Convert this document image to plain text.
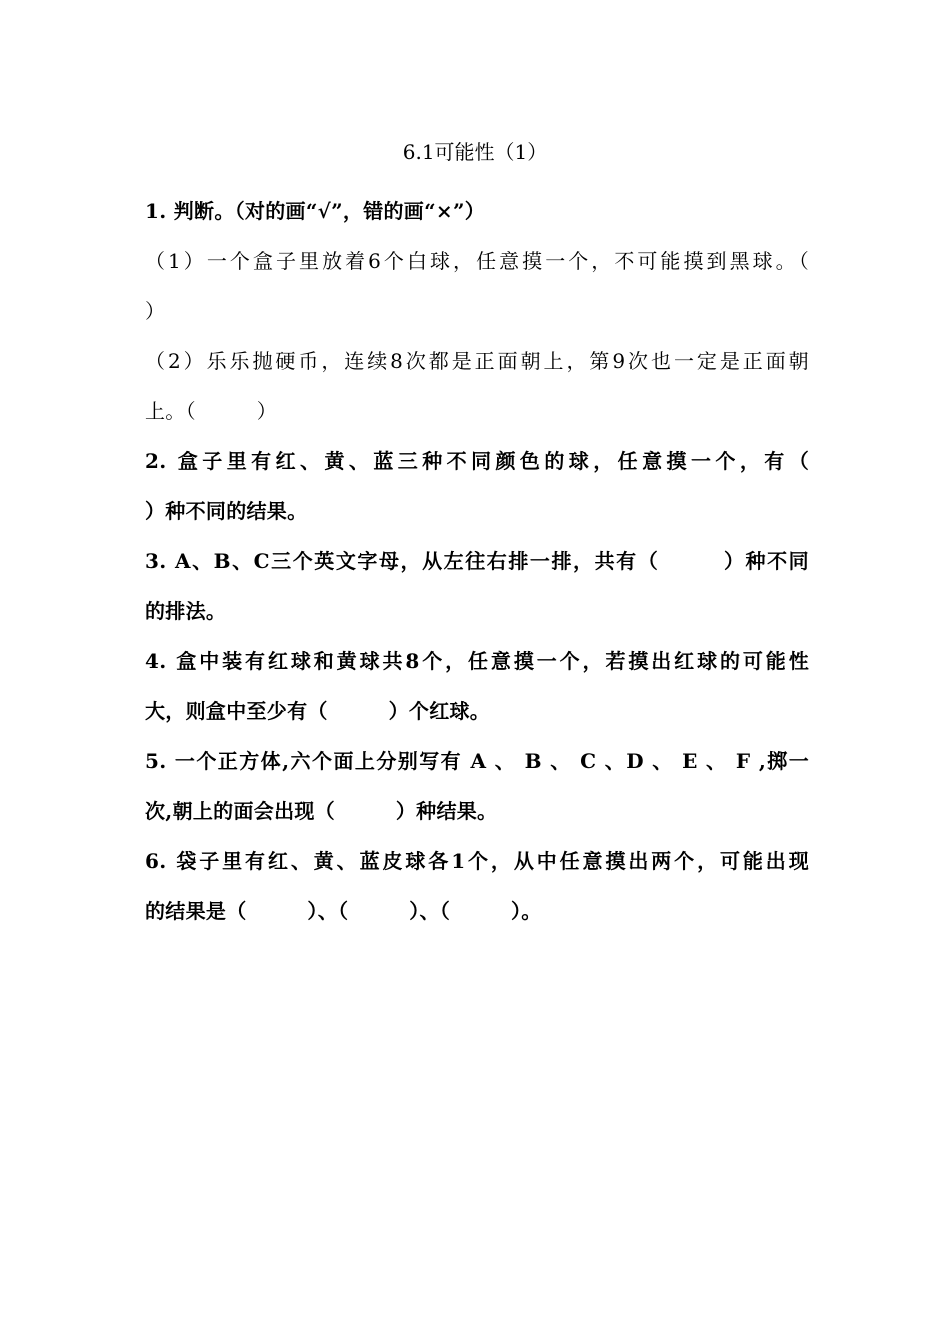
6.1可能性（1）
1. 判断。（对的画“√”，错的画“×”）
（1）一个盒子里放着6个白球，任意摸一个，不可能摸到黑球。（
）
（2）乐乐抛硬币，连续8次都是正面朝上，第9次也一定是正面朝
上。（　　　）
2. 盒子里有红、黄、蓝三种不同颜色的球，任意摸一个，有（
）种不同的结果。
3. A、B、C三个英文字母，从左往右排一排，共有（　　　）种不同
的排法。
4. 盒中装有红球和黄球共8个，任意摸一个，若摸出红球的可能性
大，则盒中至少有（　　　）个红球。
5. 一个正方体,六个面上分别写有 A 、 B 、 C 、D 、 E 、 F ,掷一
次,朝上的面会出现（　　　）种结果。
6. 袋子里有红、黄、蓝皮球各1个，从中任意摸出两个，可能出现
的结果是（　　　）、（　　　）、（　　　）。
